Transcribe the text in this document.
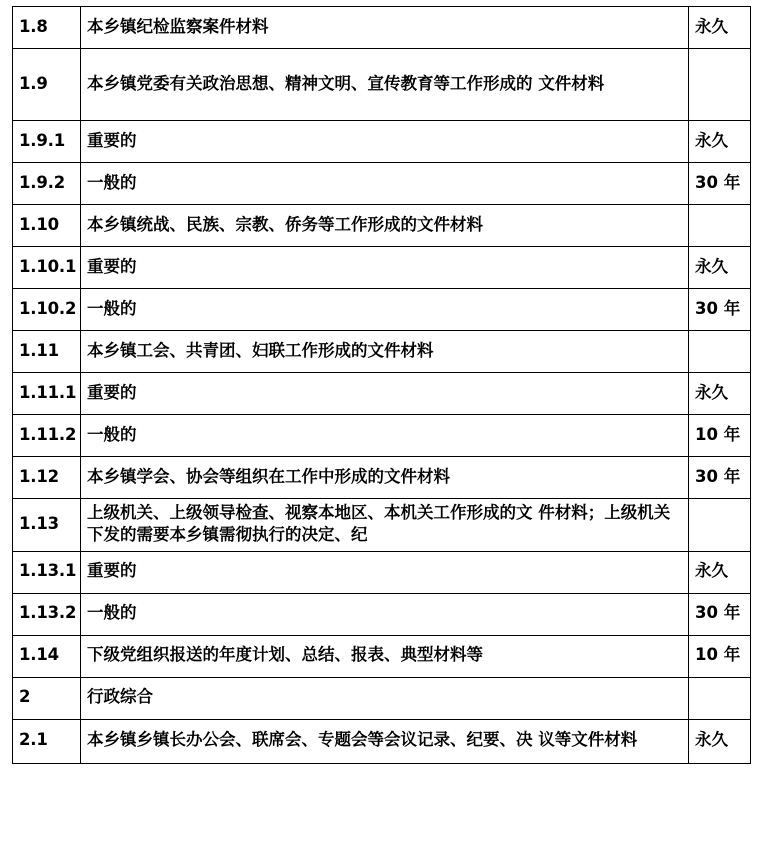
1.8	本乡镇纪检监察案件材料	永久
1.9	本乡镇党委有关政治思想、精神文明、宣传教育等工作形成的 文件材料	
1.9.1	重要的	永久
1.9.2	一般的	30 年
1.10	本乡镇统战、民族、宗教、侨务等工作形成的文件材料	
1.10.1	重要的	永久
1.10.2	一般的	30 年
1.11	本乡镇工会、共青团、妇联工作形成的文件材料	
1.11.1	重要的	永久
1.11.2	一般的	10 年
1.12	本乡镇学会、协会等组织在工作中形成的文件材料	30 年
1.13	上级机关、上级领导检查、视察本地区、本机关工作形成的文 件材料；上级机关下发的需要本乡镇需彻执行的决定、纪	

1.13.1	重要的	永久
1.13.2	一般的	30 年
1.14	下级党组织报送的年度计划、总结、报表、典型材料等	10 年
2	行政综合	
2.1	本乡镇乡镇长办公会、联席会、专题会等会议记录、纪要、决 议等文件材料	永久
